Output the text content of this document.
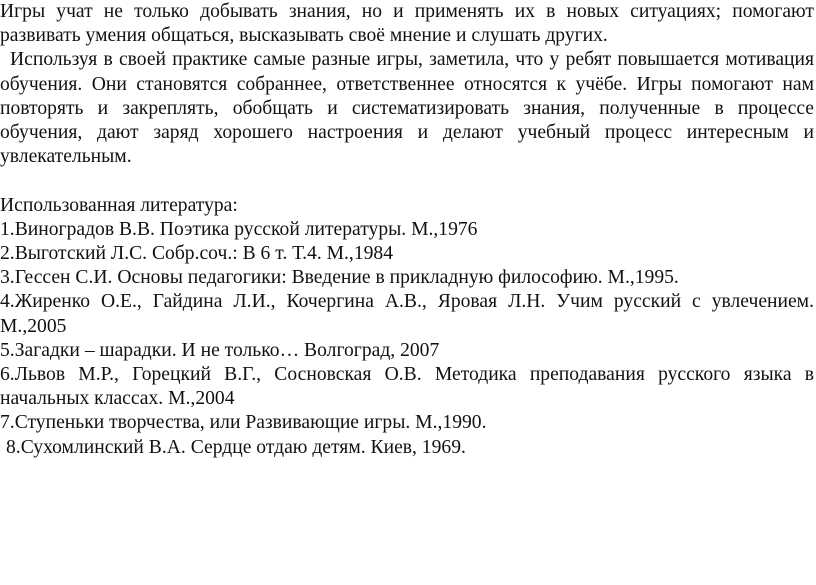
Игры учат не только добывать знания, но и применять их в новых ситуациях; помогают развивать умения общаться, высказывать своё мнение и слушать других.

Используя в своей практике самые разные игры, заметила, что у ребят повышается мотивация обучения. Они становятся собраннее, ответственнее относятся к учёбе. Игры помогают нам повторять и закреплять, обобщать и систематизировать знания, полученные в процессе обучения, дают заряд хорошего настроения и делают учебный процесс интересным и увлекательным.

Использованная литература:

1.Виноградов В.В. Поэтика русской литературы. М.,1976
2.Выготский Л.С. Собр.соч.: В 6 т. Т.4. М.,1984
3.Гессен С.И. Основы педагогики: Введение в прикладную философию. М.,1995.
4.Жиренко О.Е., Гайдина Л.И., Кочергина А.В., Яровая Л.Н. Учим русский с увлечением. М.,2005
5.Загадки – шарадки. И не только… Волгоград, 2007
6.Львов М.Р., Горецкий В.Г., Сосновская О.В. Методика преподавания русского языка в начальных классах. М.,2004
7.Ступеньки творчества, или Развивающие игры. М.,1990.
8.Сухомлинский В.А. Сердце отдаю детям. Киев, 1969.
